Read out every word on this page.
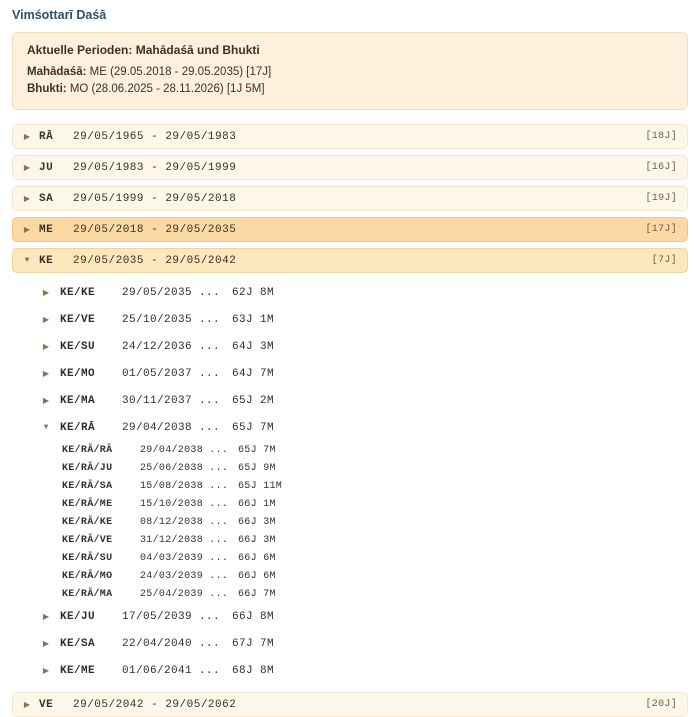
Vimśottarī Daśā
Aktuelle Perioden: Mahādaśā und Bhukti
Mahādaśā: ME (29.05.2018 - 29.05.2035) [17J]
Bhukti: MO (28.06.2025 - 28.11.2026) [1J 5M]
▶ RĀ	29/05/1965 - 29/05/1983	[18J]
▶ JU	29/05/1983 - 29/05/1999	[16J]
▶ SA	29/05/1999 - 29/05/2018	[19J]
▶ ME	29/05/2018 - 29/05/2035	[17J]
▼ KE	29/05/2035 - 29/05/2042	[7J]
▶ KE/KE	29/05/2035 ...	62J 8M
▶ KE/VE	25/10/2035 ...	63J 1M
▶ KE/SU	24/12/2036 ...	64J 3M
▶ KE/MO	01/05/2037 ...	64J 7M
▶ KE/MA	30/11/2037 ...	65J 2M
▼	KE/RĀ	29/04/2038 ...	65J 7M
KE/RĀ/RĀ	29/04/2038 ... 65J 7M
KE/RĀ/JU	25/06/2038 ... 65J 9M
KE/RĀ/SA	15/08/2038 ... 65J 11M
KE/RĀ/ME	15/10/2038 ... 66J 1M
KE/RĀ/KE	08/12/2038 ... 66J 3M
KE/RĀ/VE	31/12/2038 ... 66J 3M
KE/RĀ/SU	04/03/2039 ... 66J 6M
KE/RĀ/MO	24/03/2039 ... 66J 6M
KE/RĀ/MA	25/04/2039 ... 66J 7M
▶ KE/JU	17/05/2039 ...	66J 8M
▶ KE/SA	22/04/2040 ...	67J 7M
▶ KE/ME	01/06/2041 ...	68J 8M
▶ VE	29/05/2042 - 29/05/2062	[20J]
